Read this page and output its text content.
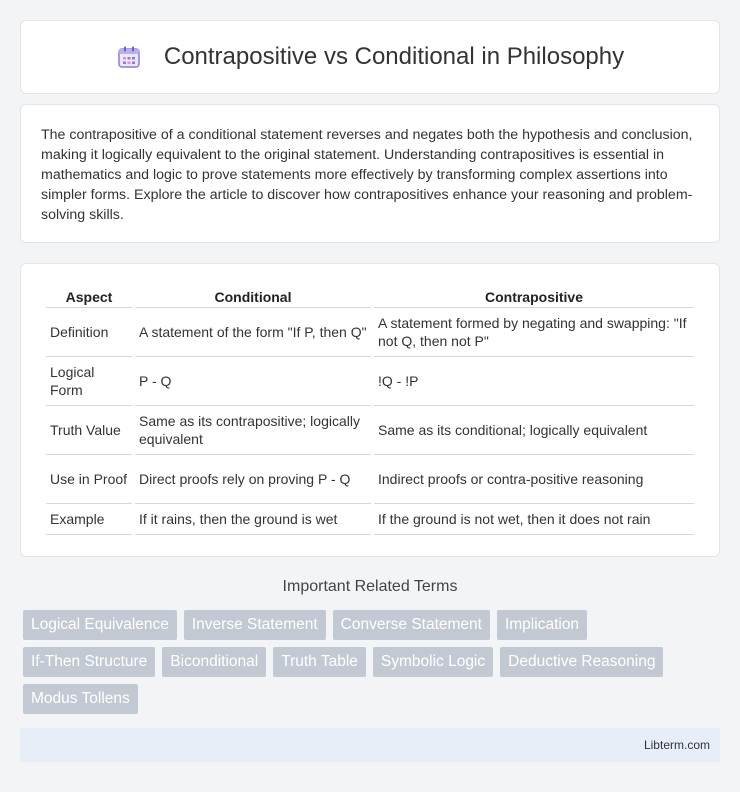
Contrapositive vs Conditional in Philosophy

The contrapositive of a conditional statement reverses and negates both the hypothesis and conclusion, making it logically equivalent to the original statement. Understanding contrapositives is essential in mathematics and logic to prove statements more effectively by transforming complex assertions into simpler forms. Explore the article to discover how contrapositives enhance your reasoning and problem-solving skills.

Aspect	Conditional	Contrapositive
Definition	A statement of the form "If P, then Q"	A statement formed by negating and swapping: "If not Q, then not P"
Logical Form	P - Q	!Q - !P
Truth Value	Same as its contrapositive; logically equivalent	Same as its conditional; logically equivalent
Use in Proof	Direct proofs rely on proving P - Q	Indirect proofs or contra-positive reasoning
Example	If it rains, then the ground is wet	If the ground is not wet, then it does not rain
Important Related Terms
Logical Equivalence	Inverse Statement	Converse Statement	Implication
If-Then Structure	Biconditional	Truth Table	Symbolic Logic	Deductive Reasoning
Modus Tollens
Libterm.com
